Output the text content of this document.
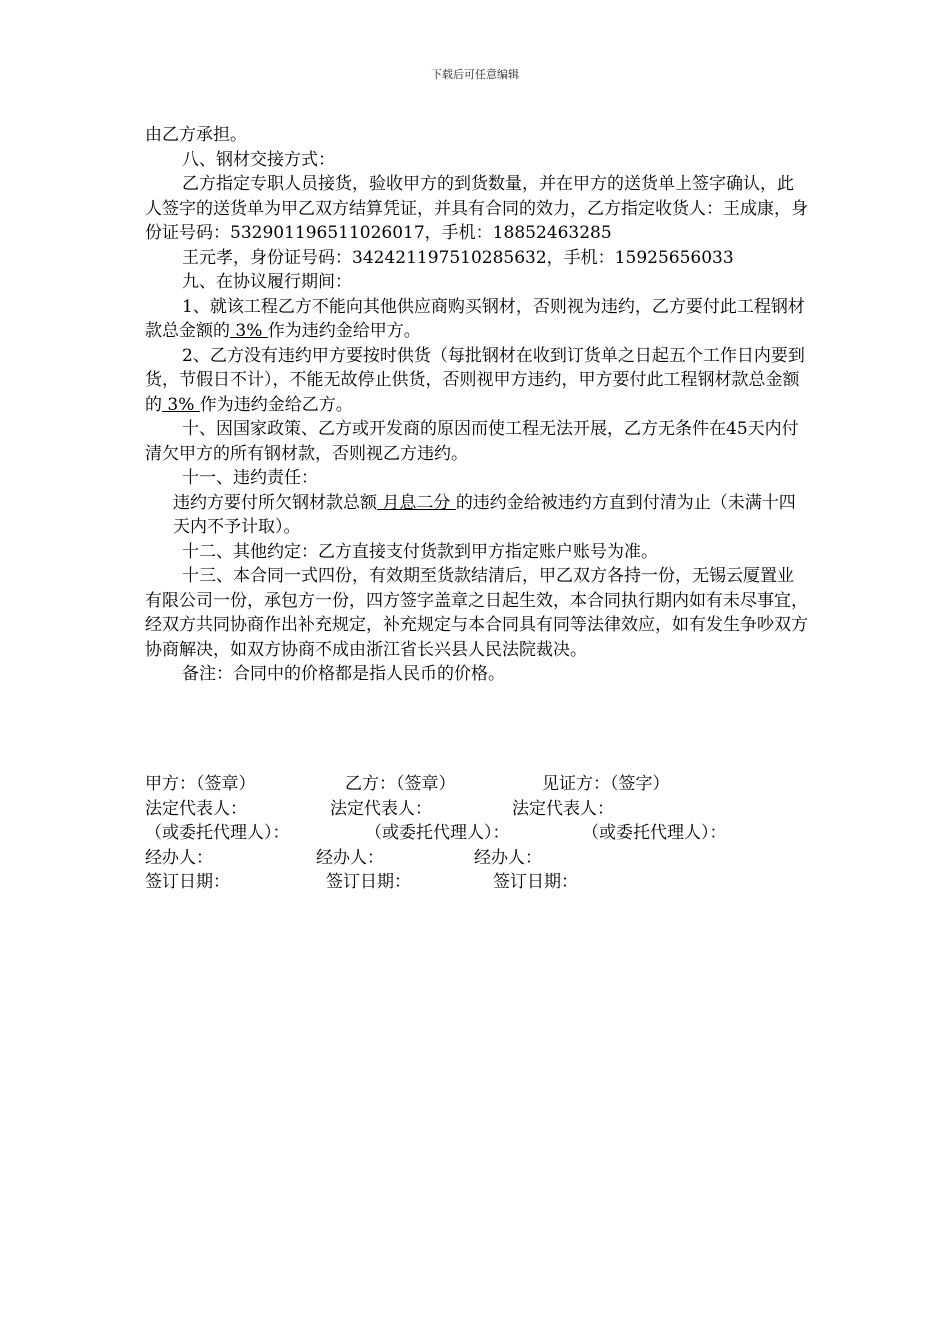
下载后可任意编辑

由乙方承担。

八、钢材交接方式：

乙方指定专职人员接货，验收甲方的到货数量，并在甲方的送货单上签字确认，此人签字的送货单为甲乙双方结算凭证，并具有合同的效力，乙方指定收货人：王成康，身份证号码：532901196511026017，手机：18852463285

王元孝，身份证号码：342421197510285632，手机：15925656033

九、在协议履行期间：

1、就该工程乙方不能向其他供应商购买钢材，否则视为违约，乙方要付此工程钢材款总金额的 3% 作为违约金给甲方。

2、乙方没有违约甲方要按时供货（每批钢材在收到订货单之日起五个工作日内要到货，节假日不计），不能无故停止供货，否则视甲方违约，甲方要付此工程钢材款总金额的 3% 作为违约金给乙方。

十、因国家政策、乙方或开发商的原因而使工程无法开展，乙方无条件在45天内付清欠甲方的所有钢材款，否则视乙方违约。

十一、违约责任：

违约方要付所欠钢材款总额 月息二分 的违约金给被违约方直到付清为止（未满十四天内不予计取）。

十二、其他约定：乙方直接支付货款到甲方指定账户账号为准。

十三、本合同一式四份，有效期至货款结清后，甲乙双方各持一份，无锡云厦置业有限公司一份，承包方一份，四方签字盖章之日起生效，本合同执行期内如有未尽事宜，经双方共同协商作出补充规定，补充规定与本合同具有同等法律效应，如有发生争吵双方协商解决，如双方协商不成由浙江省长兴县人民法院裁决。

备注：合同中的价格都是指人民币的价格。

甲方：（签章）	乙方：（签章）	见证方：（签字）
法定代表人：	法定代表人：	法定代表人：
（或委托代理人）：	（或委托代理人）：	（或委托代理人）：
经办人：	经办人：	经办人：
签订日期：	签订日期：	签订日期：
